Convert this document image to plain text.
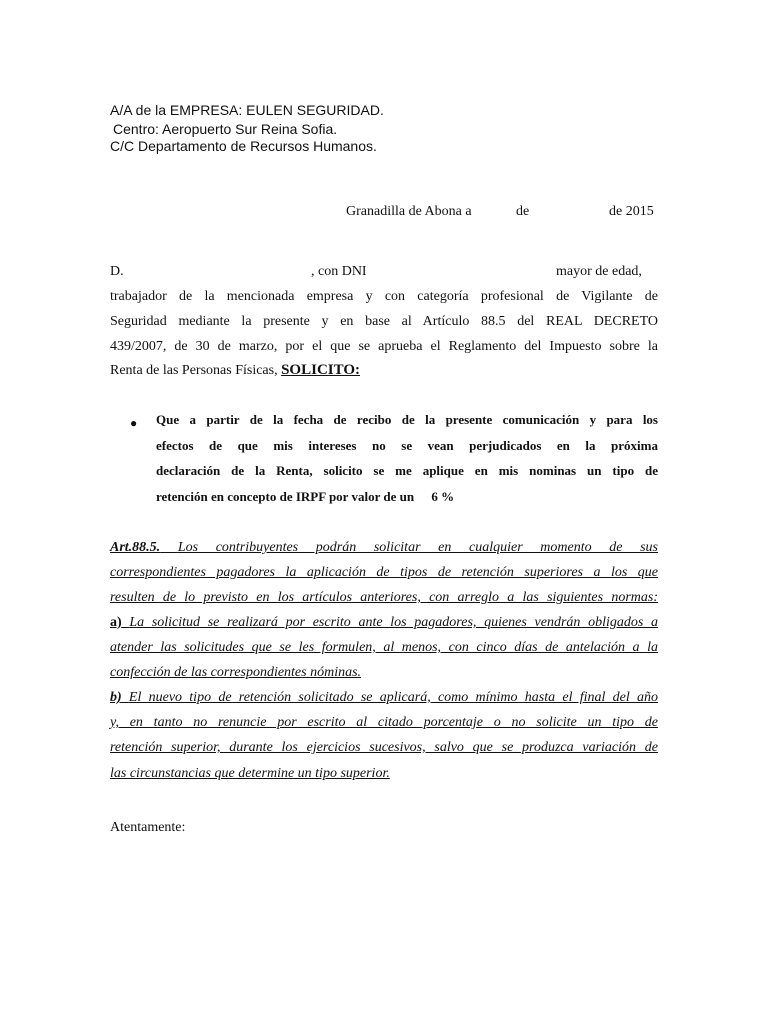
A/A de la EMPRESA: EULEN SEGURIDAD.
Centro: Aeropuerto Sur Reina Sofia.
C/C Departamento de Recursos Humanos.
Granadilla de Abona a	de	de 2015
D.	, con DNI	mayor de edad,
trabajador de la mencionada empresa y con categoría profesional de Vigilante de
Seguridad mediante la presente y en base al Artículo 88.5 del REAL DECRETO
439/2007, de 30 de marzo, por el que se aprueba el Reglamento del Impuesto sobre la
Renta de las Personas Físicas, SOLICITO:
● Que a partir de la fecha de recibo de la presente comunicación y para los
efectos de que mis intereses no se vean perjudicados en la próxima
declaración de la Renta, solicito se me aplique en mis nominas un tipo de
retención en concepto de IRPF por valor de un 6 %
Art.88.5. Los contribuyentes podrán solicitar en cualquier momento de sus
correspondientes pagadores la aplicación de tipos de retención superiores a los que
resulten de lo previsto en los artículos anteriores, con arreglo a las siguientes normas:
a) La solicitud se realizará por escrito ante los pagadores, quienes vendrán obligados a
atender las solicitudes que se les formulen, al menos, con cinco días de antelación a la
confección de las correspondientes nóminas.
b) El nuevo tipo de retención solicitado se aplicará, como mínimo hasta el final del año
y, en tanto no renuncie por escrito al citado porcentaje o no solicite un tipo de
retención superior, durante los ejercicios sucesivos, salvo que se produzca variación de
las circunstancias que determine un tipo superior.
Atentamente:
